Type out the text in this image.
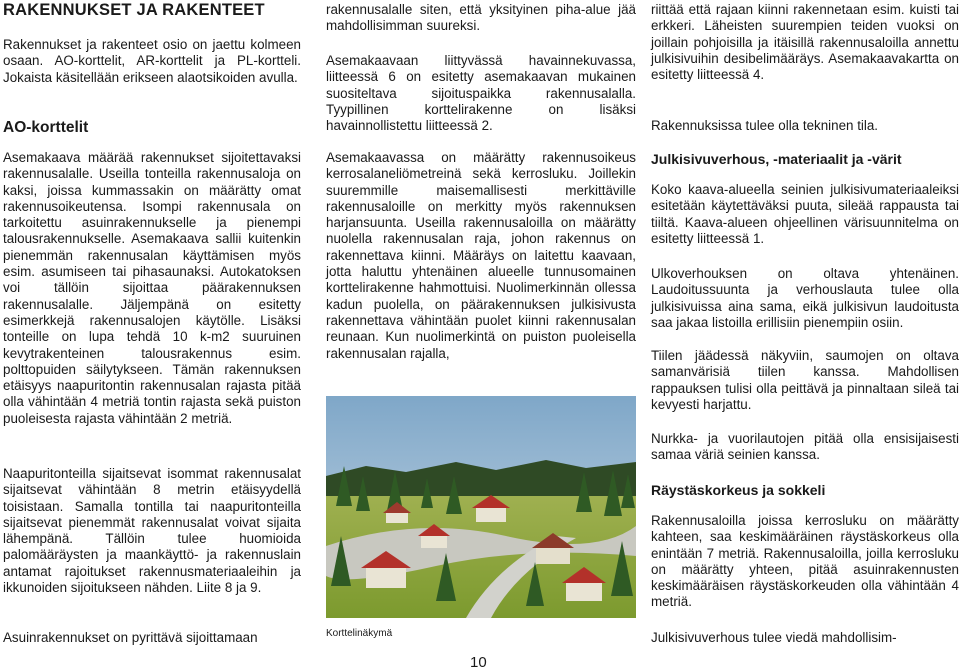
RAKENNUKSET JA RAKENTEET

Rakennukset ja rakenteet osio on jaettu kolmeen osaan. AO-korttelit, AR-korttelit ja PL-kortteli. Jokaista käsitellään erikseen alaotsikoiden avulla.

AO-korttelit

Asemakaava määrää rakennukset sijoitettavaksi rakennusalalle. Useilla tonteilla rakennusaloja on kaksi, joissa kummassakin on määrätty omat rakennusoikeutensa. Isompi rakennusala on tarkoitettu asuinrakennukselle ja pienempi talousrakennukselle. Asemakaava sallii kuitenkin pienemmän rakennusalan käyttämisen myös esim. asumiseen tai pihasaunaksi. Autokatoksen voi tällöin sijoittaa päärakennuksen rakennusalalle. Jäljempänä on esitetty esimerkkejä rakennusalojen käytölle. Lisäksi tonteille on lupa tehdä 10 k-m2 suuruinen kevytrakenteinen talousrakennus esim. polttopuiden säilytykseen. Tämän rakennuksen etäisyys naapuritontin rakennusalan rajasta pitää olla vähintään 4 metriä tontin rajasta sekä puiston puoleisesta rajasta vähintään 2 metriä.

Naapuritonteilla sijaitsevat isommat rakennusalat sijaitsevat vähintään 8 metrin etäisyydellä toisistaan. Samalla tontilla tai naapuritonteilla sijaitsevat pienemmät rakennusalat voivat sijaita lähempänä. Tällöin tulee huomioida palomääräysten ja maankäyttö- ja rakennuslain antamat rajoitukset rakennusmateriaaleihin ja ikkunoiden sijoitukseen nähden. Liite 8 ja 9.

Asuinrakennukset on pyrittävä sijoittamaan

rakennusalalle siten, että yksityinen piha-alue jää mahdollisimman suureksi.

Asemakaavaan liittyvässä havainnekuvassa, liitteessä 6 on esitetty asemakaavan mukainen suositeltava sijoituspaikka rakennusalalla. Tyypillinen korttelirakenne on lisäksi havainnollistettu liitteessä 2.

Asemakaavassa on määrätty rakennusoikeus kerrosalaneliömetreinä sekä kerrosluku. Joillekin suuremmille maisemallisesti merkittäville rakennusaloille on merkitty myös rakennuksen harjansuunta. Useilla rakennusaloilla on määrätty nuolella rakennusalan raja, johon rakennus on rakennettava kiinni. Määräys on laitettu kaavaan, jotta haluttu yhtenäinen alueelle tunnusomainen korttelirakenne hahmottuisi. Nuolimerkinnän ollessa kadun puolella, on päärakennuksen julkisivusta rakennettava vähintään puolet kiinni rakennusalan reunaan. Kun nuolimerkintä on puiston puoleisella rakennusalan rajalla,

Korttelinäkymä

riittää että rajaan kiinni rakennetaan esim. kuisti tai erkkeri. Läheisten suurempien teiden vuoksi on joillain pohjoisilla ja itäisillä rakennusaloilla annettu julkisivuihin desibelimääräys. Asemakaavakartta on esitetty liitteessä 4.

Rakennuksissa tulee olla tekninen tila.

Julkisivuverhous, -materiaalit ja -värit

Koko kaava-alueella seinien julkisivumateriaaleiksi esitetään käytettäväksi puuta, sileää rappausta tai tiiltä. Kaava-alueen ohjeellinen värisuunnitelma on esitetty liitteessä 1.

Ulkoverhouksen on oltava yhtenäinen. Laudoitussuunta ja verhouslauta tulee olla julkisivuissa aina sama, eikä julkisivun laudoitusta saa jakaa listoilla erillisiin pienempiin osiin.

Tiilen jäädessä näkyviin, saumojen on oltava samanvärisiä tiilen kanssa. Mahdollisen rappauksen tulisi olla peittävä ja pinnaltaan sileä tai kevyesti harjattu.

Nurkka- ja vuorilautojen pitää olla ensisijaisesti samaa väriä seinien kanssa.

Räystäskorkeus ja sokkeli

Rakennusaloilla joissa kerrosluku on määrätty kahteen, saa keskimääräinen räystäskorkeus olla enintään 7 metriä. Rakennusaloilla, joilla kerrosluku on määrätty yhteen, pitää asuinrakennusten keskimääräisen räystäskorkeuden olla vähintään 4 metriä.

Julkisivuverhous tulee viedä mahdollisim-

10
